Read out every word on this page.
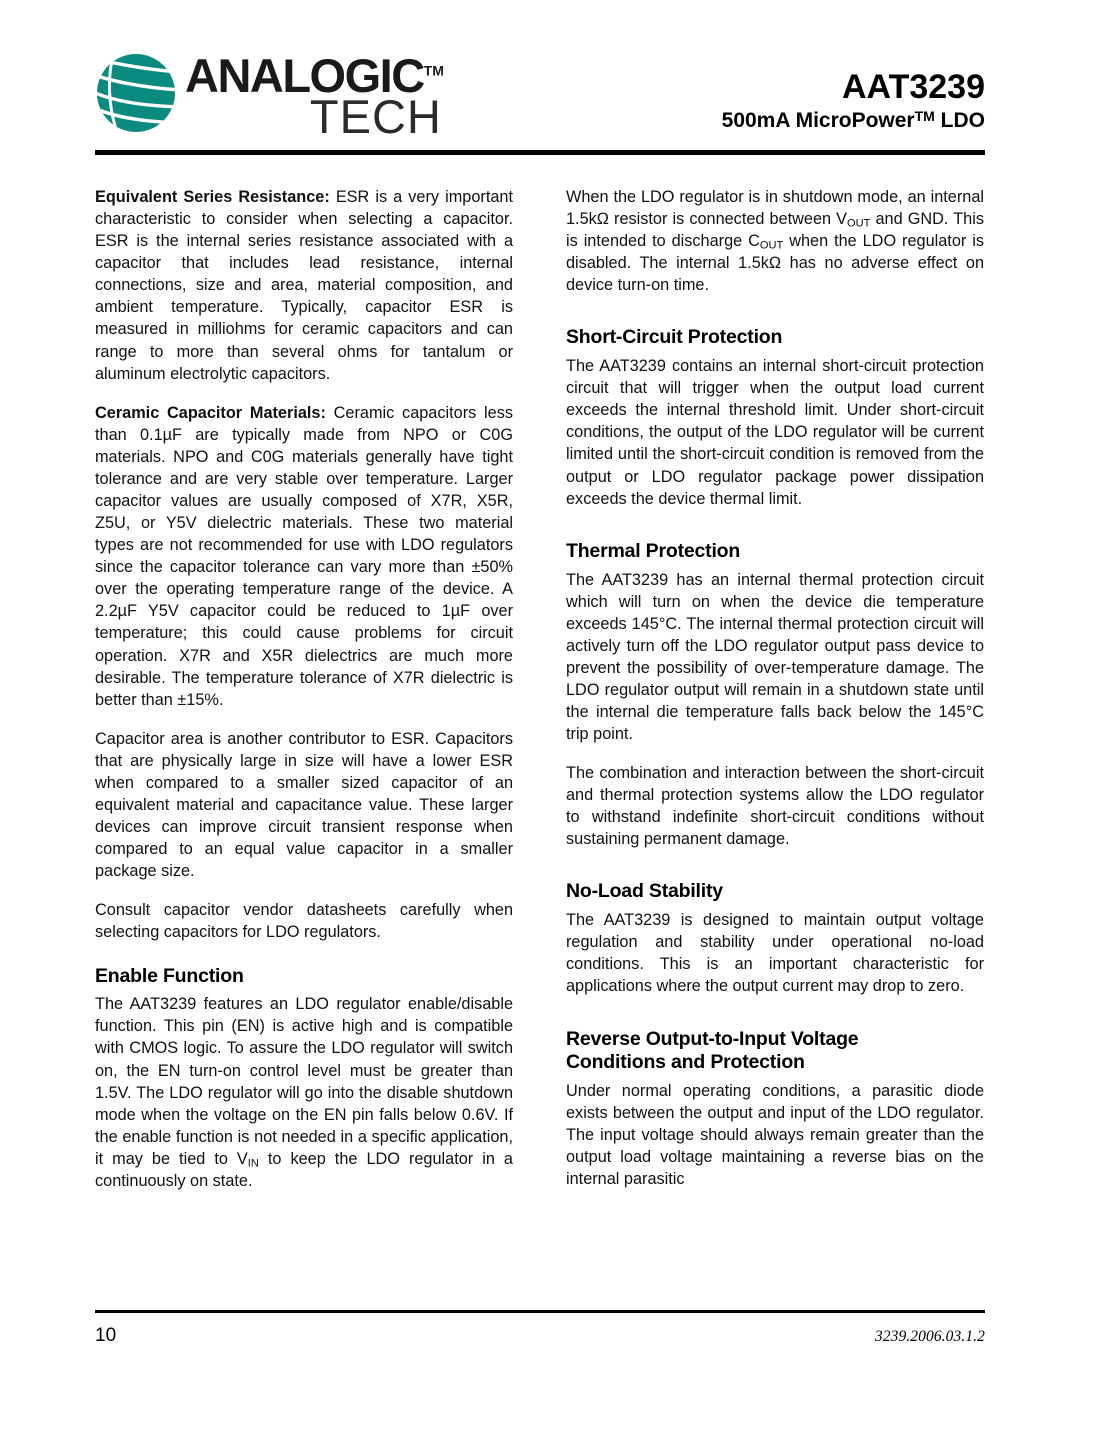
ANALOGIC™
TECH
AAT3239
500mA MicroPower™ LDO

Equivalent Series Resistance: ESR is a very important characteristic to consider when selecting a capacitor. ESR is the internal series resistance associated with a capacitor that includes lead resistance, internal connections, size and area, material composition, and ambient temperature. Typically, capacitor ESR is measured in milliohms for ceramic capacitors and can range to more than several ohms for tantalum or aluminum electrolytic capacitors.

Ceramic Capacitor Materials: Ceramic capacitors less than 0.1µF are typically made from NPO or C0G materials. NPO and C0G materials generally have tight tolerance and are very stable over temperature. Larger capacitor values are usually composed of X7R, X5R, Z5U, or Y5V dielectric materials. These two material types are not recommended for use with LDO regulators since the capacitor tolerance can vary more than ±50% over the operating temperature range of the device. A 2.2µF Y5V capacitor could be reduced to 1µF over temperature; this could cause problems for circuit operation. X7R and X5R dielectrics are much more desirable. The temperature tolerance of X7R dielectric is better than ±15%.

Capacitor area is another contributor to ESR. Capacitors that are physically large in size will have a lower ESR when compared to a smaller sized capacitor of an equivalent material and capacitance value. These larger devices can improve circuit transient response when compared to an equal value capacitor in a smaller package size.

Consult capacitor vendor datasheets carefully when selecting capacitors for LDO regulators.

Enable Function

The AAT3239 features an LDO regulator enable/disable function. This pin (EN) is active high and is compatible with CMOS logic. To assure the LDO regulator will switch on, the EN turn-on control level must be greater than 1.5V. The LDO regulator will go into the disable shutdown mode when the voltage on the EN pin falls below 0.6V. If the enable function is not needed in a specific application, it may be tied to $V_{IN}$ to keep the LDO regulator in a continuously on state.

When the LDO regulator is in shutdown mode, an internal 1.5kΩ resistor is connected between $V_{OUT}$ and GND. This is intended to discharge $C_{OUT}$ when the LDO regulator is disabled. The internal 1.5kΩ has no adverse effect on device turn-on time.

Short-Circuit Protection

The AAT3239 contains an internal short-circuit protection circuit that will trigger when the output load current exceeds the internal threshold limit. Under short-circuit conditions, the output of the LDO regulator will be current limited until the short-circuit condition is removed from the output or LDO regulator package power dissipation exceeds the device thermal limit.

Thermal Protection

The AAT3239 has an internal thermal protection circuit which will turn on when the device die temperature exceeds 145°C. The internal thermal protection circuit will actively turn off the LDO regulator output pass device to prevent the possibility of over-temperature damage. The LDO regulator output will remain in a shutdown state until the internal die temperature falls back below the 145°C trip point.

The combination and interaction between the short-circuit and thermal protection systems allow the LDO regulator to withstand indefinite short-circuit conditions without sustaining permanent damage.

No-Load Stability

The AAT3239 is designed to maintain output voltage regulation and stability under operational no-load conditions. This is an important characteristic for applications where the output current may drop to zero.

Reverse Output-to-Input Voltage
Conditions and Protection

Under normal operating conditions, a parasitic diode exists between the output and input of the LDO regulator. The input voltage should always remain greater than the output load voltage maintaining a reverse bias on the internal parasitic

10	3239.2006.03.1.2
